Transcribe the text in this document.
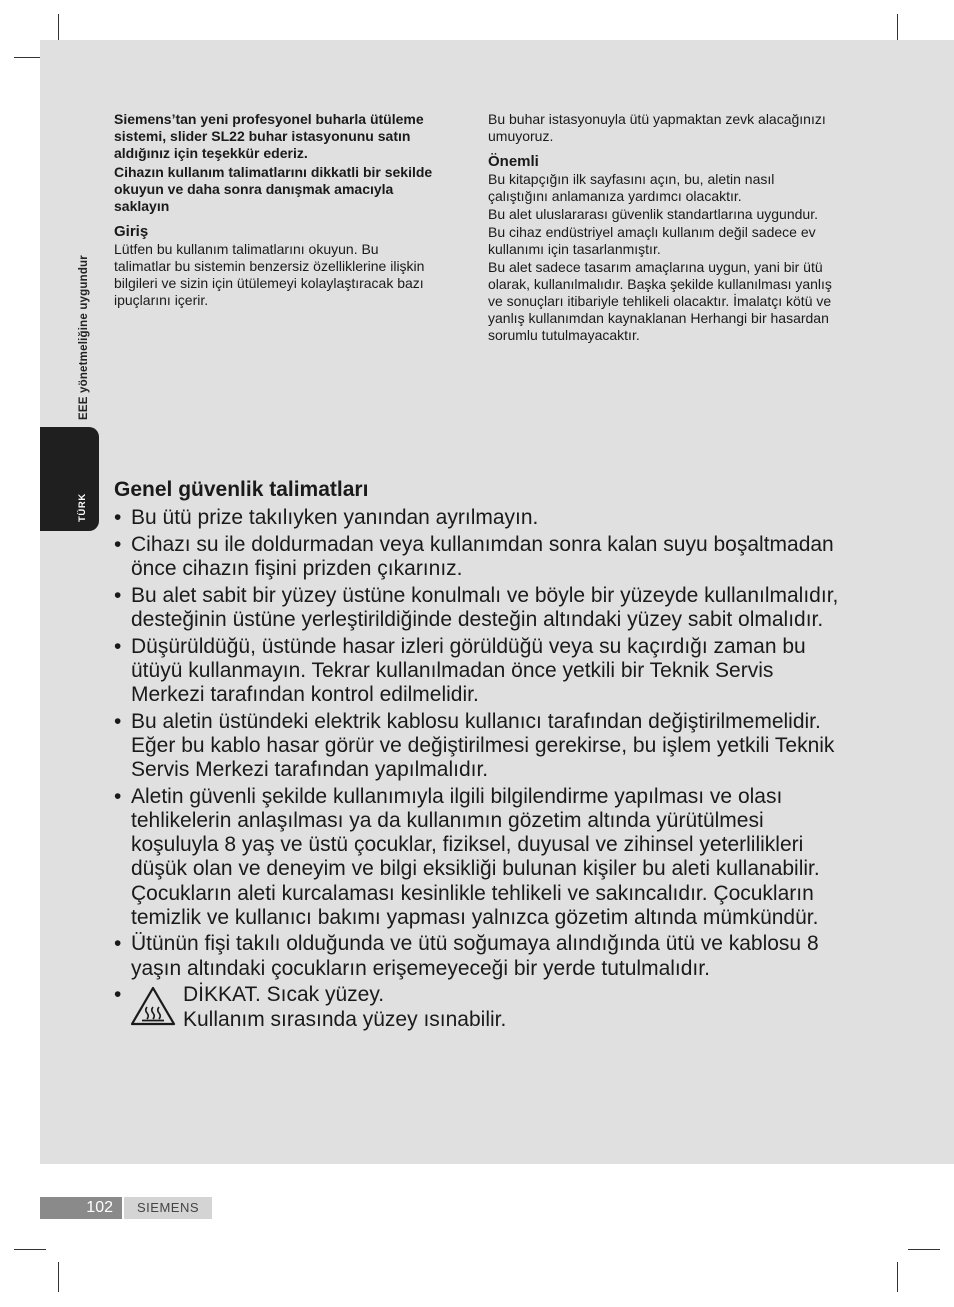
EEE yönetmeliğine uygundur
TÜRK

Siemens’tan yeni profesyonel buharla ütüleme sistemi, slider SL22 buhar istasyonunu satın aldığınız için teşekkür ederiz.

Cihazın kullanım talimatlarını dikkatli bir sekilde okuyun ve daha sonra danışmak amacıyla saklayın

Giriş

Lütfen bu kullanım talimatlarını okuyun. Bu talimatlar bu sistemin benzersiz özelliklerine ilişkin bilgileri ve sizin için ütülemeyi kolaylaştıracak bazı ipuçlarını içerir.

Bu buhar istasyonuyla ütü yapmaktan zevk alacağınızı umuyoruz.

Önemli

Bu kitapçığın ilk sayfasını açın, bu, aletin nasıl çalıştığını anlamanıza yardımcı olacaktır.

Bu alet uluslararası güvenlik standartlarına uygundur.

Bu cihaz endüstriyel amaçlı kullanım değil sadece ev kullanımı için tasarlanmıştır.

Bu alet sadece tasarım amaçlarına uygun, yani bir ütü olarak, kullanılmalıdır. Başka şekilde kullanılması yanlış ve sonuçları itibariyle tehlikeli olacaktır. İmalatçı kötü ve yanlış kullanımdan kaynaklanan Herhangi bir hasardan sorumlu tutulmayacaktır.

Genel güvenlik talimatları
• Bu ütü prize takılıyken yanından ayrılmayın.
• Cihazı su ile doldurmadan veya kullanımdan sonra kalan suyu boşaltmadan önce cihazın fişini prizden çıkarınız.
• Bu alet sabit bir yüzey üstüne konulmalı ve böyle bir yüzeyde kullanılmalıdır, desteğinin üstüne yerleştirildiğinde desteğin altındaki yüzey sabit olmalıdır.
• Düşürüldüğü, üstünde hasar izleri görüldüğü veya su kaçırdığı zaman bu ütüyü kullanmayın. Tekrar kullanılmadan önce yetkili bir Teknik Servis Merkezi tarafından kontrol edilmelidir.
• Bu aletin üstündeki elektrik kablosu kullanıcı tarafından değiştirilmemelidir. Eğer bu kablo hasar görür ve değiştirilmesi gerekirse, bu işlem yetkili Teknik Servis Merkezi tarafından yapılmalıdır.
• Aletin güvenli şekilde kullanımıyla ilgili bilgilendirme yapılması ve olası tehlikelerin anlaşılması ya da kullanımın gözetim altında yürütülmesi koşuluyla 8 yaş ve üstü çocuklar, fiziksel, duyusal ve zihinsel yeterlilikleri düşük olan ve deneyim ve bilgi eksikliği bulunan kişiler bu aleti kullanabilir. Çocukların aleti kurcalaması kesinlikle tehlikeli ve sakıncalıdır. Çocukların temizlik ve kullanıcı bakımı yapması yalnızca gözetim altında mümkündür.
• Ütünün fişi takılı olduğunda ve ütü soğumaya alındığında ütü ve kablosu 8 yaşın altındaki çocukların erişemeyeceği bir yerde tutulmalıdır.
•	DİKKAT. Sıcak yüzey.
Kullanım sırasında yüzey ısınabilir.
102	SIEMENS
